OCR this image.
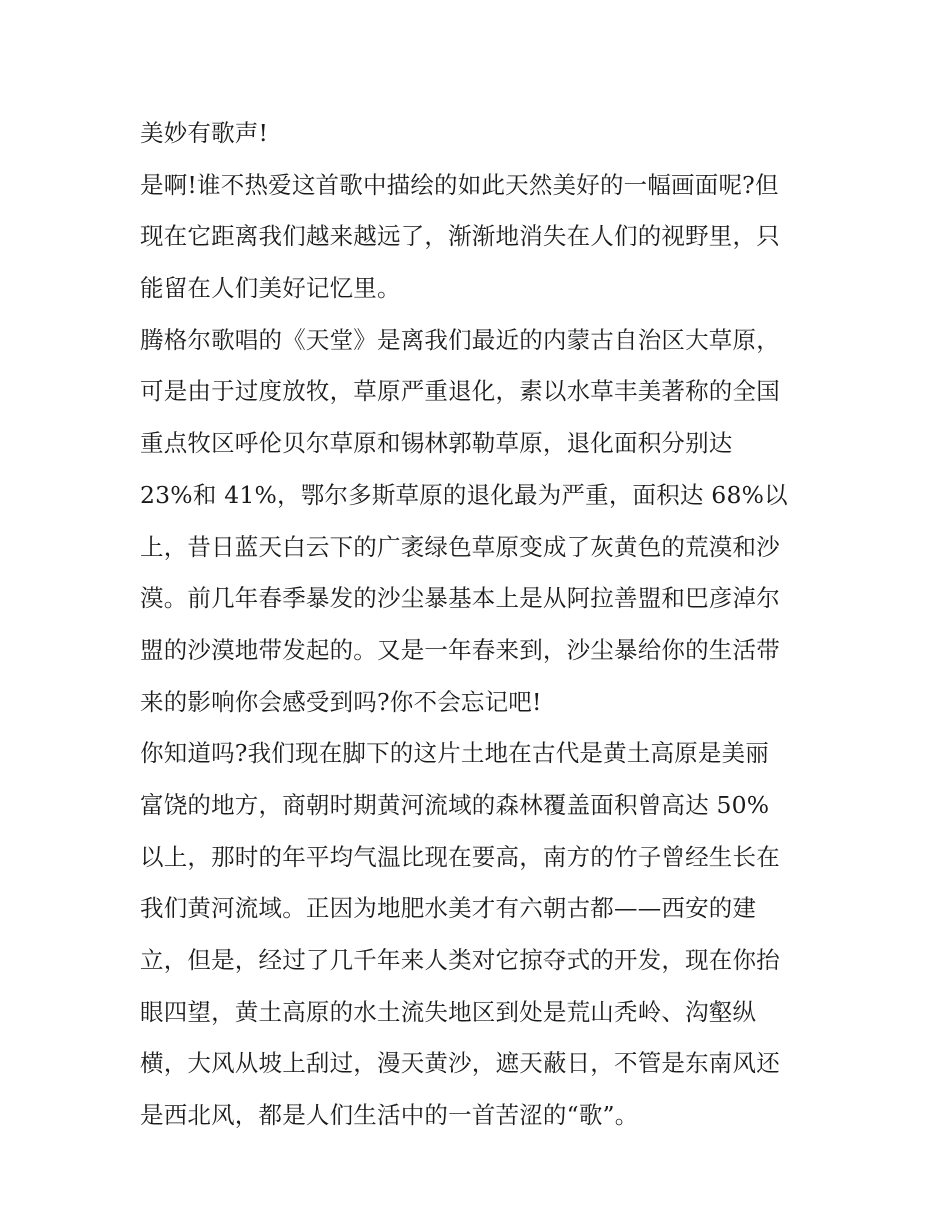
美妙有歌声!
是啊!谁不热爱这首歌中描绘的如此天然美好的一幅画面呢?但
现在它距离我们越来越远了，渐渐地消失在人们的视野里，只
能留在人们美好记忆里。
腾格尔歌唱的《天堂》是离我们最近的内蒙古自治区大草原，
可是由于过度放牧，草原严重退化，素以水草丰美著称的全国
重点牧区呼伦贝尔草原和锡林郭勒草原，退化面积分别达
23%和 41%，鄂尔多斯草原的退化最为严重，面积达 68%以
上，昔日蓝天白云下的广袤绿色草原变成了灰黄色的荒漠和沙
漠。前几年春季暴发的沙尘暴基本上是从阿拉善盟和巴彦淖尔
盟的沙漠地带发起的。又是一年春来到，沙尘暴给你的生活带
来的影响你会感受到吗?你不会忘记吧!
你知道吗?我们现在脚下的这片土地在古代是黄土高原是美丽
富饶的地方，商朝时期黄河流域的森林覆盖面积曾高达 50%
以上，那时的年平均气温比现在要高，南方的竹子曾经生长在
我们黄河流域。正因为地肥水美才有六朝古都——西安的建
立，但是，经过了几千年来人类对它掠夺式的开发，现在你抬
眼四望，黄土高原的水土流失地区到处是荒山秃岭、沟壑纵
横，大风从坡上刮过，漫天黄沙，遮天蔽日，不管是东南风还
是西北风，都是人们生活中的一首苦涩的“歌”。
